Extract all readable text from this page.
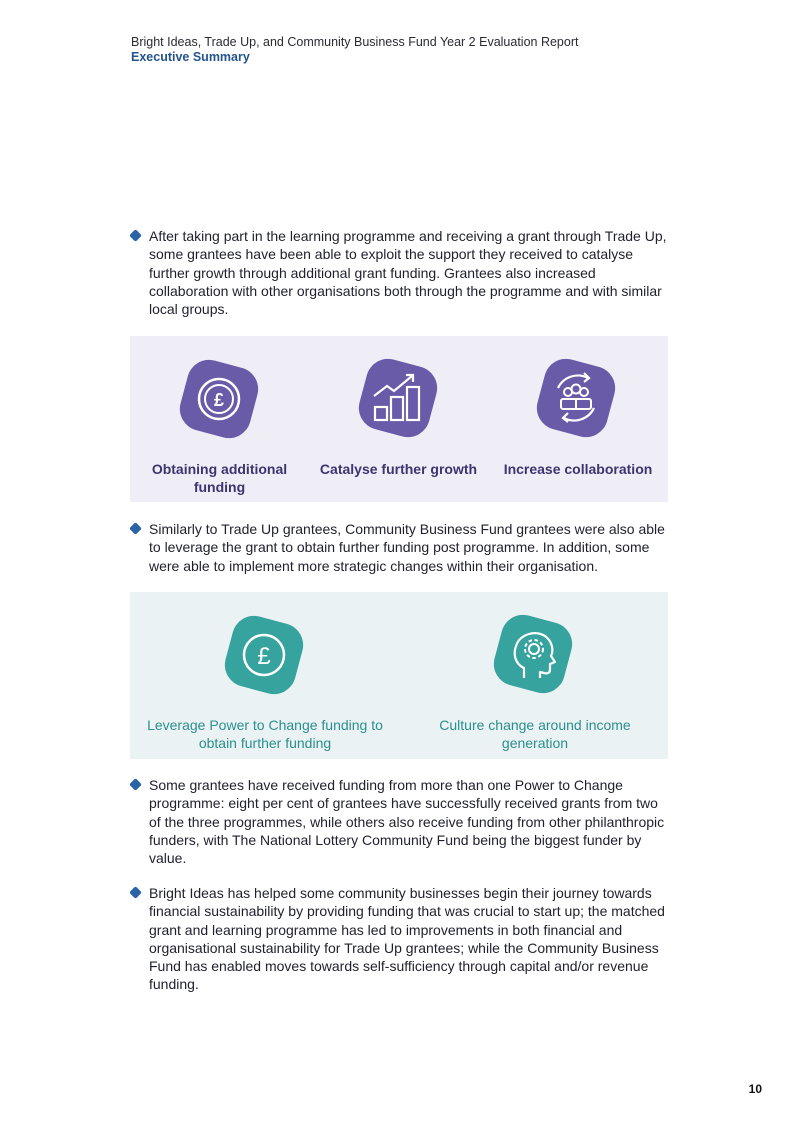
Bright Ideas, Trade Up, and Community Business Fund Year 2 Evaluation Report
Executive Summary
After taking part in the learning programme and receiving a grant through Trade Up, some grantees have been able to exploit the support they received to catalyse further growth through additional grant funding. Grantees also increased collaboration with other organisations both through the programme and with similar local groups.
£
Obtaining additional funding
Catalyse further growth	Increase collaboration
Similarly to Trade Up grantees, Community Business Fund grantees were also able to leverage the grant to obtain further funding post programme. In addition, some were able to implement more strategic changes within their organisation.
£
Leverage Power to Change funding to obtain further funding
Culture change around income generation
Some grantees have received funding from more than one Power to Change programme: eight per cent of grantees have successfully received grants from two of the three programmes, while others also receive funding from other philanthropic funders, with The National Lottery Community Fund being the biggest funder by value.
Bright Ideas has helped some community businesses begin their journey towards financial sustainability by providing funding that was crucial to start up; the matched grant and learning programme has led to improvements in both financial and organisational sustainability for Trade Up grantees; while the Community Business Fund has enabled moves towards self-sufficiency through capital and/or revenue funding.
10
